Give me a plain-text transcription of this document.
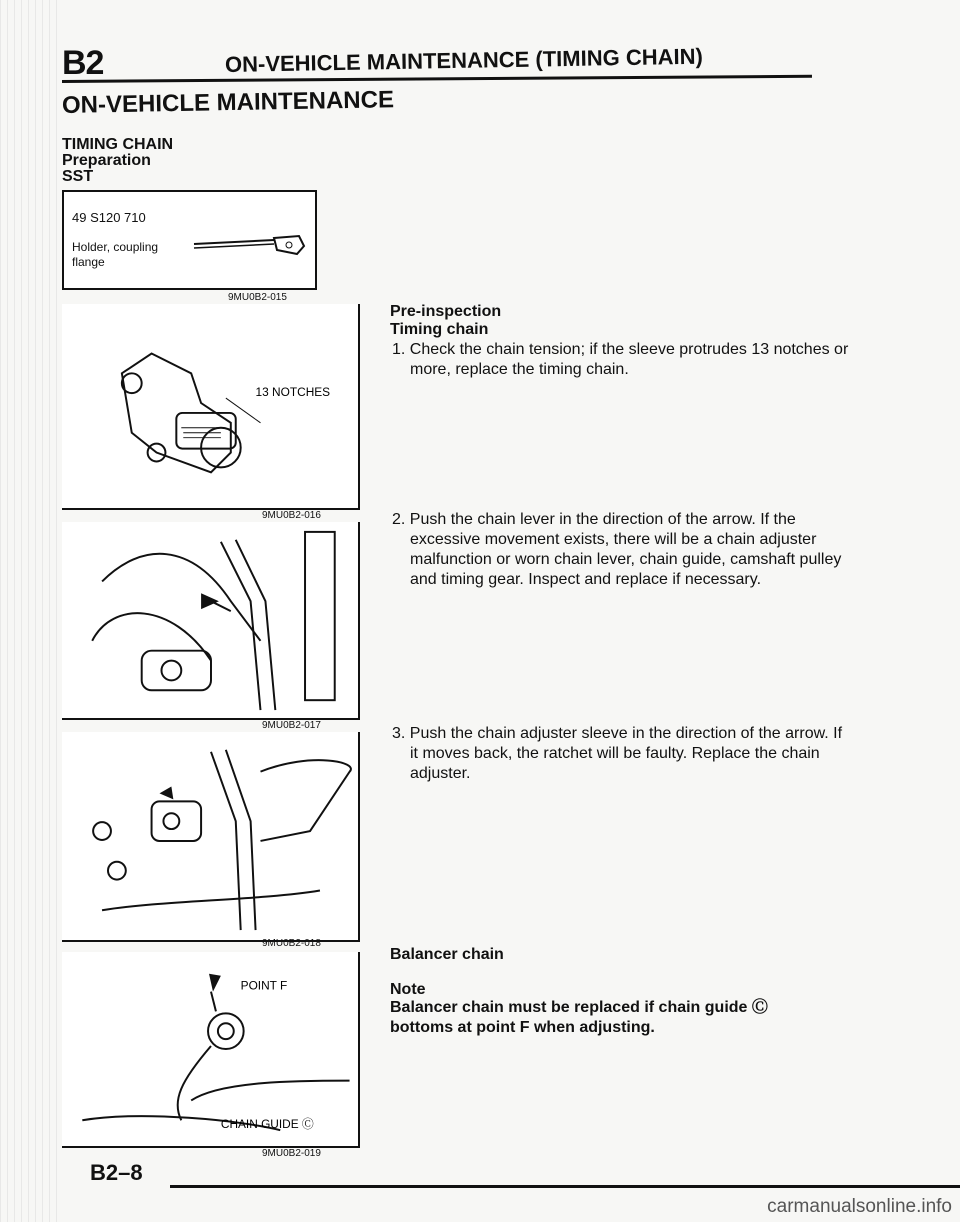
B2	ON-VEHICLE MAINTENANCE (TIMING CHAIN)
ON-VEHICLE MAINTENANCE
TIMING CHAIN
Preparation
SST
49 S120 710
Holder, coupling flange
9MU0B2-015
13 NOTCHES
9MU0B2-016
9MU0B2-017
9MU0B2-018
POINT F
CHAIN GUIDE Ⓒ
9MU0B2-019
Pre-inspection
Timing chain
1. Check the chain tension; if the sleeve protrudes 13 notches or more, replace the timing chain.
2. Push the chain lever in the direction of the arrow. If the excessive movement exists, there will be a chain adjuster malfunction or worn chain lever, chain guide, camshaft pulley and timing gear. Inspect and replace if necessary.
3. Push the chain adjuster sleeve in the direction of the arrow. If it moves back, the ratchet will be faulty. Replace the chain adjuster.
Balancer chain
Note
Balancer chain must be replaced if chain guide Ⓒ bottoms at point F when adjusting.
B2–8
carmanualsonline.info
